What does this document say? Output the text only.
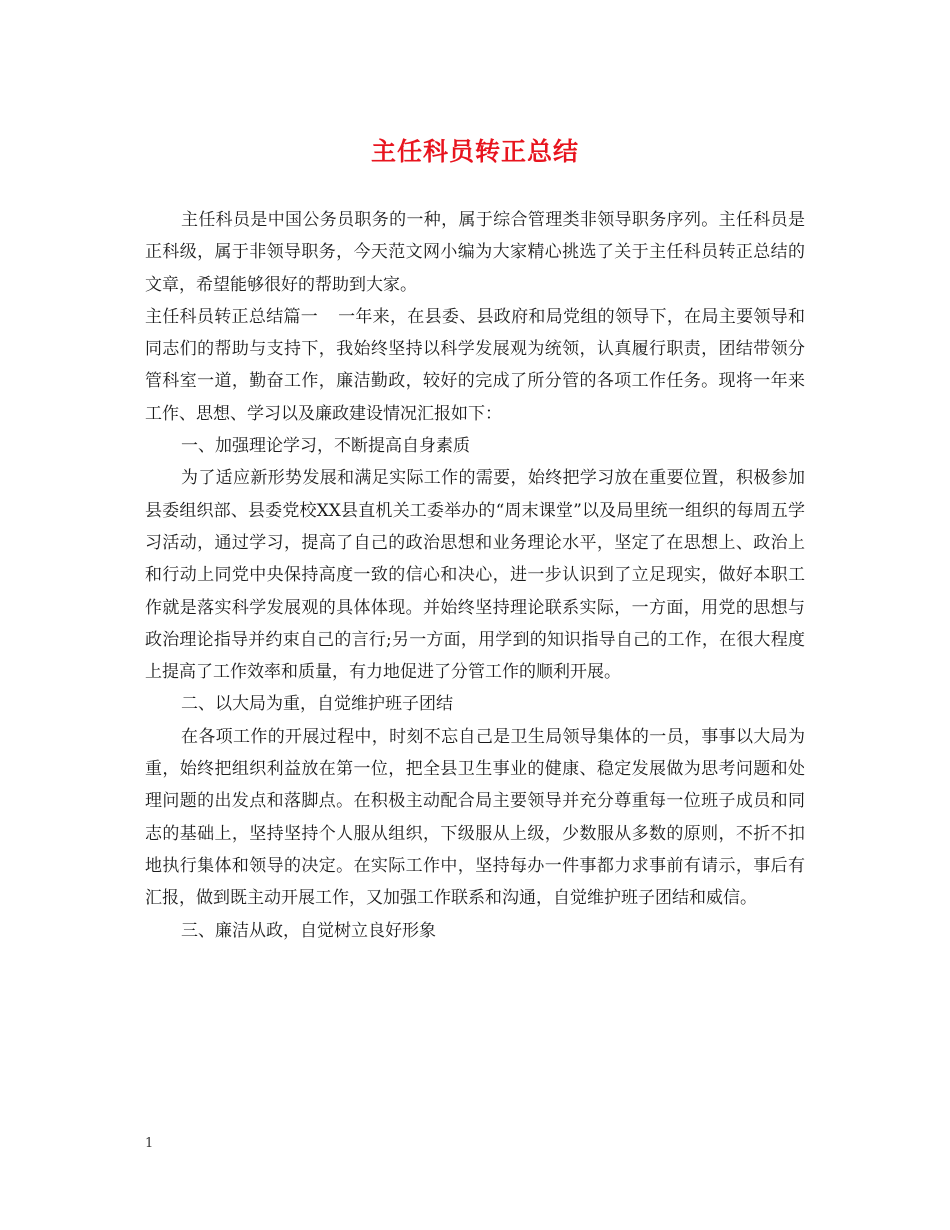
主任科员转正总结

主任科员是中国公务员职务的一种，属于综合管理类非领导职务序列。主任科员是正科级，属于非领导职务，今天范文网小编为大家精心挑选了关于主任科员转正总结的文章，希望能够很好的帮助到大家。

主任科员转正总结篇一 一年来，在县委、县政府和局党组的领导下，在局主要领导和同志们的帮助与支持下，我始终坚持以科学发展观为统领，认真履行职责，团结带领分管科室一道，勤奋工作，廉洁勤政，较好的完成了所分管的各项工作任务。现将一年来工作、思想、学习以及廉政建设情况汇报如下：

一、加强理论学习，不断提高自身素质

为了适应新形势发展和满足实际工作的需要，始终把学习放在重要位置，积极参加县委组织部、县委党校XX县直机关工委举办的“周末课堂”以及局里统一组织的每周五学习活动，通过学习，提高了自己的政治思想和业务理论水平，坚定了在思想上、政治上和行动上同党中央保持高度一致的信心和决心，进一步认识到了立足现实，做好本职工作就是落实科学发展观的具体体现。并始终坚持理论联系实际，一方面，用党的思想与政治理论指导并约束自己的言行;另一方面，用学到的知识指导自己的工作，在很大程度上提高了工作效率和质量，有力地促进了分管工作的顺利开展。

二、以大局为重，自觉维护班子团结

在各项工作的开展过程中，时刻不忘自己是卫生局领导集体的一员，事事以大局为重，始终把组织利益放在第一位，把全县卫生事业的健康、稳定发展做为思考问题和处理问题的出发点和落脚点。在积极主动配合局主要领导并充分尊重每一位班子成员和同志的基础上，坚持坚持个人服从组织，下级服从上级，少数服从多数的原则，不折不扣地执行集体和领导的决定。在实际工作中，坚持每办一件事都力求事前有请示，事后有汇报，做到既主动开展工作，又加强工作联系和沟通，自觉维护班子团结和威信。

三、廉洁从政，自觉树立良好形象

1
